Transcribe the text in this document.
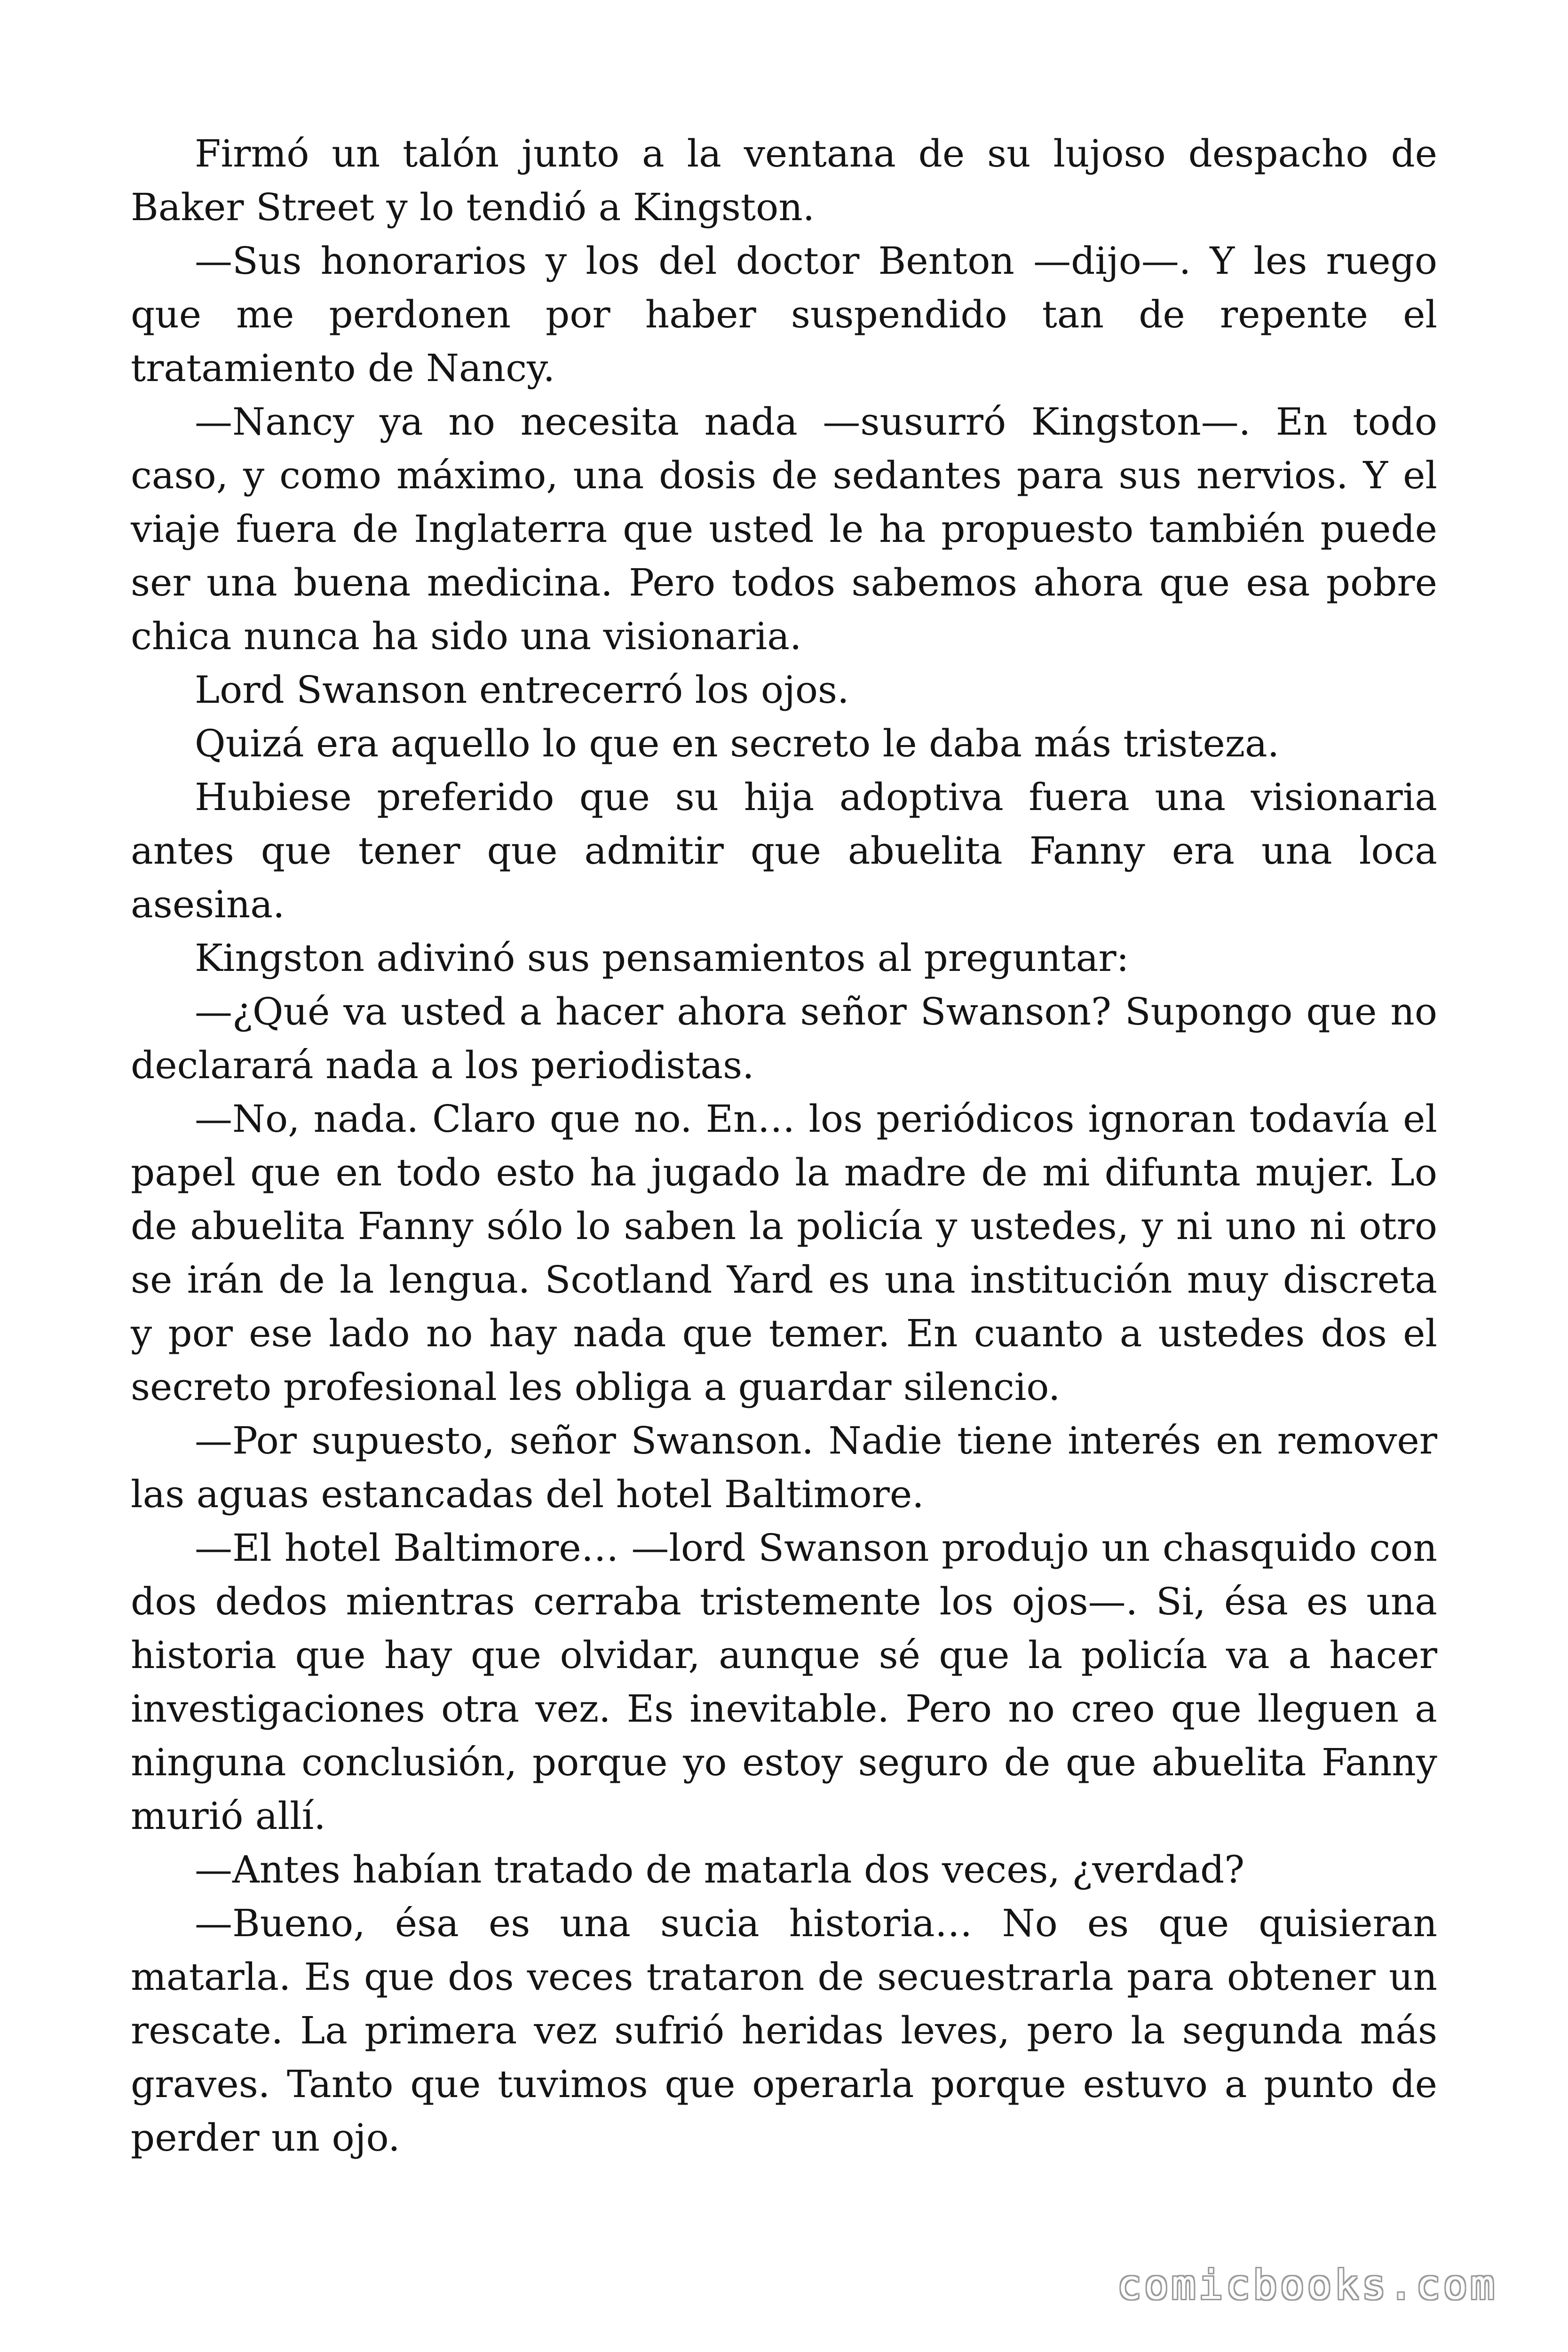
Firmó un talón junto a la ventana de su lujoso despacho de Baker Street y lo tendió a Kingston.

—Sus honorarios y los del doctor Benton —dijo—. Y les ruego que me perdonen por haber suspendido tan de repente el tratamiento de Nancy.

—Nancy ya no necesita nada —susurró Kingston—. En todo caso, y como máximo, una dosis de sedantes para sus nervios. Y el viaje fuera de Inglaterra que usted le ha propuesto también puede ser una buena medicina. Pero todos sabemos ahora que esa pobre chica nunca ha sido una visionaria.

Lord Swanson entrecerró los ojos.

Quizá era aquello lo que en secreto le daba más tristeza.

Hubiese preferido que su hija adoptiva fuera una visionaria antes que tener que admitir que abuelita Fanny era una loca asesina.

Kingston adivinó sus pensamientos al preguntar:

—¿Qué va usted a hacer ahora señor Swanson? Supongo que no declarará nada a los periodistas.

—No, nada. Claro que no. En… los periódicos ignoran todavía el papel que en todo esto ha jugado la madre de mi difunta mujer. Lo de abuelita Fanny sólo lo saben la policía y ustedes, y ni uno ni otro se irán de la lengua. Scotland Yard es una institución muy discreta y por ese lado no hay nada que temer. En cuanto a ustedes dos el secreto profesional les obliga a guardar silencio.

—Por supuesto, señor Swanson. Nadie tiene interés en remover las aguas estancadas del hotel Baltimore.

—El hotel Baltimore… —lord Swanson produjo un chasquido con dos dedos mientras cerraba tristemente los ojos—. Si, ésa es una historia que hay que olvidar, aunque sé que la policía va a hacer investigaciones otra vez. Es inevitable. Pero no creo que lleguen a ninguna conclusión, porque yo estoy seguro de que abuelita Fanny murió allí.

—Antes habían tratado de matarla dos veces, ¿verdad?

—Bueno, ésa es una sucia historia… No es que quisieran matarla. Es que dos veces trataron de secuestrarla para obtener un rescate. La primera vez sufrió heridas leves, pero la segunda más graves. Tanto que tuvimos que operarla porque estuvo a punto de perder un ojo.

comicbooks.com
